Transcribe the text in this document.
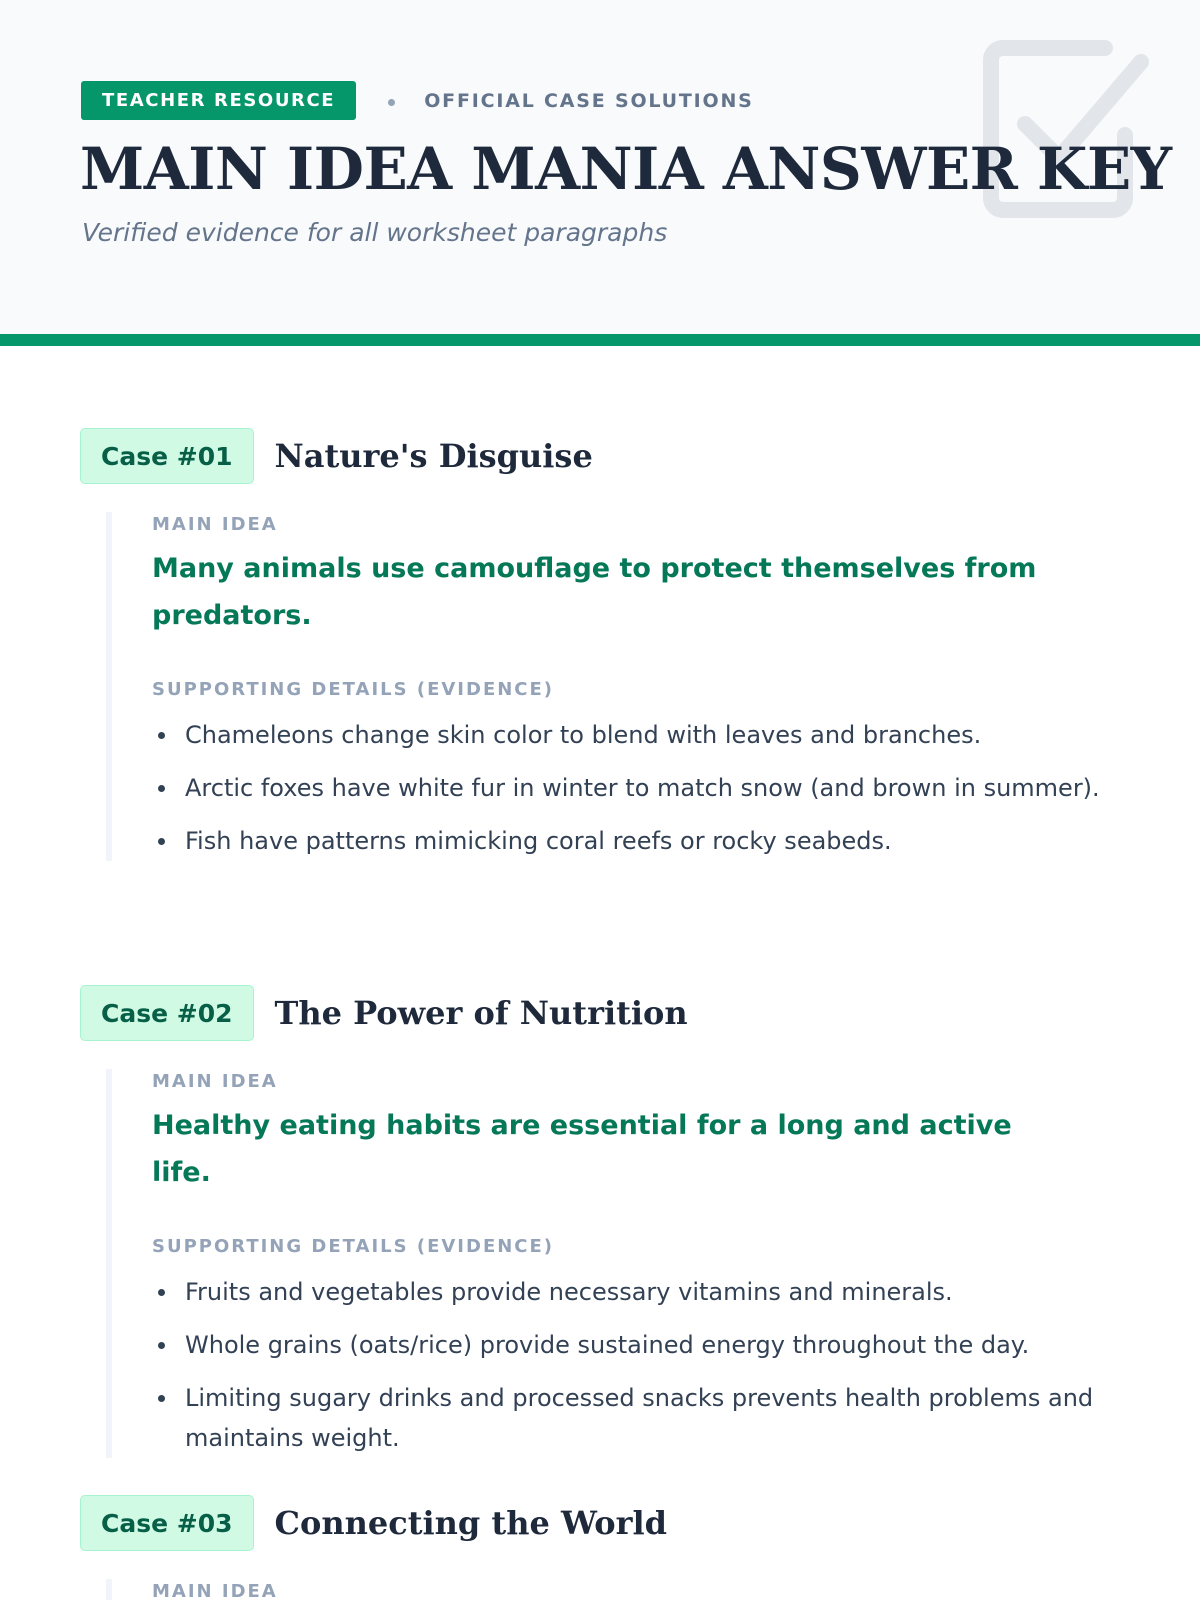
TEACHER RESOURCE	OFFICIAL CASE SOLUTIONS
MAIN IDEA MANIA ANSWER KEY
Verified evidence for all worksheet paragraphs
Case #01	Nature's Disguise
MAIN IDEA
Many animals use camouflage to protect themselves from predators.
SUPPORTING DETAILS (EVIDENCE)
Chameleons change skin color to blend with leaves and branches.
Arctic foxes have white fur in winter to match snow (and brown in summer).
Fish have patterns mimicking coral reefs or rocky seabeds.
Case #02	The Power of Nutrition
MAIN IDEA
Healthy eating habits are essential for a long and active life.
SUPPORTING DETAILS (EVIDENCE)
Fruits and vegetables provide necessary vitamins and minerals.
Whole grains (oats/rice) provide sustained energy throughout the day.
Limiting sugary drinks and processed snacks prevents health problems and maintains weight.
Case #03	Connecting the World
MAIN IDEA
